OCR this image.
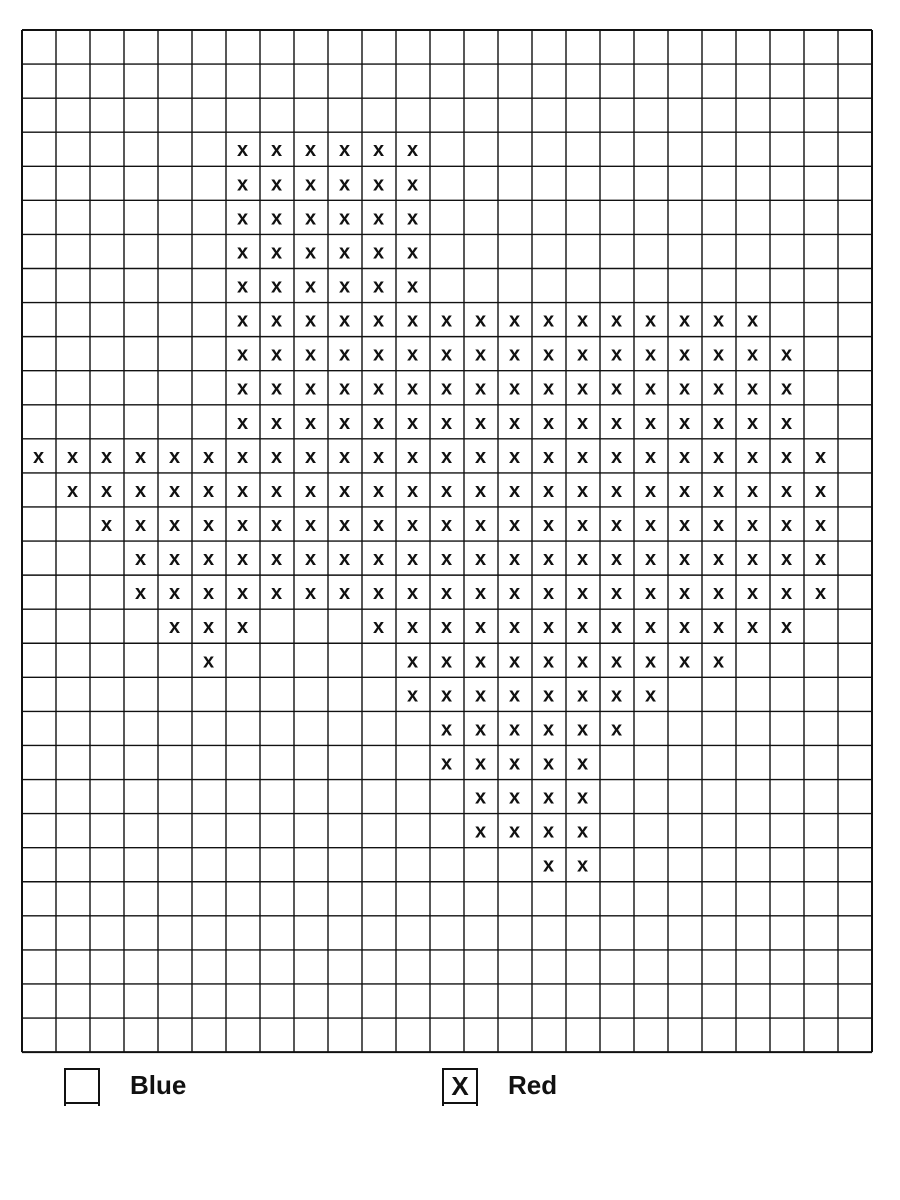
x x x x x x
x x x x x x
x x x x x x
x x x x x x
x x x x x x
x x x x x x x x x x x x x x x x
x x x x x x x x x x x x x x x x x
x x x x x x x x x x x x x x x x x
x x x x x x x x x x x x x x x x x
x x x x x x x x x x x x x x x x x x x x x x x x
x x x x x x x x x x x x x x x x x x x x x x x
x x x x x x x x x x x x x x x x x x x x x x
x x x x x x x x x x x x x x x x x x x x x
x x x x x x x x x x x x x x x x x x x x x
x x x	x x x x x x x x x x x x x
x	x x x x x x x x x x
x x x x x x x x
x x x x x x
x x x x x
x x x x
x x x x
x x
Blue	X	Red
